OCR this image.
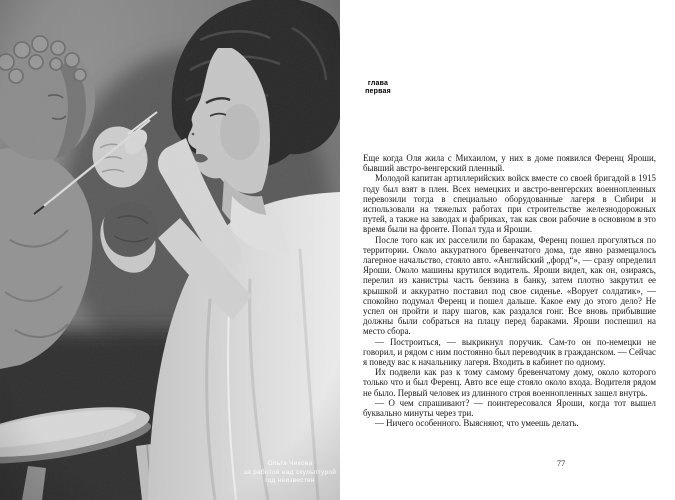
Ольга Чехова
за работой над скульптурой
год неизвестен
глава
первая

Еще когда Оля жила с Михаилом, у них в доме появился Ференц Яроши, бывший австро-венгерский пленный.

Молодой капитан артиллерийских войск вместе со своей бригадой в 1915 году был взят в плен. Всех немецких и австро-венгерских военнопленных перевозили тогда в специально оборудованные лагеря в Сибири и использовали на тяжелых работах при строительстве железнодорожных путей, а также на заводах и фабриках, так как свои рабочие в основном в это время были на фронте. Попал туда и Яроши.

После того как их расселили по баракам, Ференц пошел прогуляться по территории. Около аккуратного бревенчатого дома, где явно размещалось лагерное начальство, стояло авто. «Английский „форд“», — сразу определил Яроши. Около машины крутился водитель. Яроши видел, как он, озираясь, перелил из канистры часть бензина в банку, затем плотно закрутил ее крышкой и аккуратно поставил под свое сиденье. «Ворует солдатик», — спокойно подумал Ференц и пошел дальше. Какое ему до этого дело? Не успел он пройти и пару шагов, как раздался гонг. Все вновь прибывшие должны были собраться на плацу перед бараками. Яроши поспешил на место сбора.

— Построиться, — выкрикнул поручик. Сам-то он по-немецки не говорил, и рядом с ним постоянно был переводчик в гражданском. — Сейчас я поведу вас к начальнику лагеря. Входить в кабинет по одному.

Их подвели как раз к тому самому бревенчатому дому, около которого только что и был Ференц. Авто все еще стояло около входа. Водителя рядом не было. Первый человек из длинного строя военнопленных зашел внутрь.

— О чем спрашивают? — поинтересовался Яроши, когда тот вышел буквально минуты через три.

— Ничего особенного. Выясняют, что умеешь делать.

77
